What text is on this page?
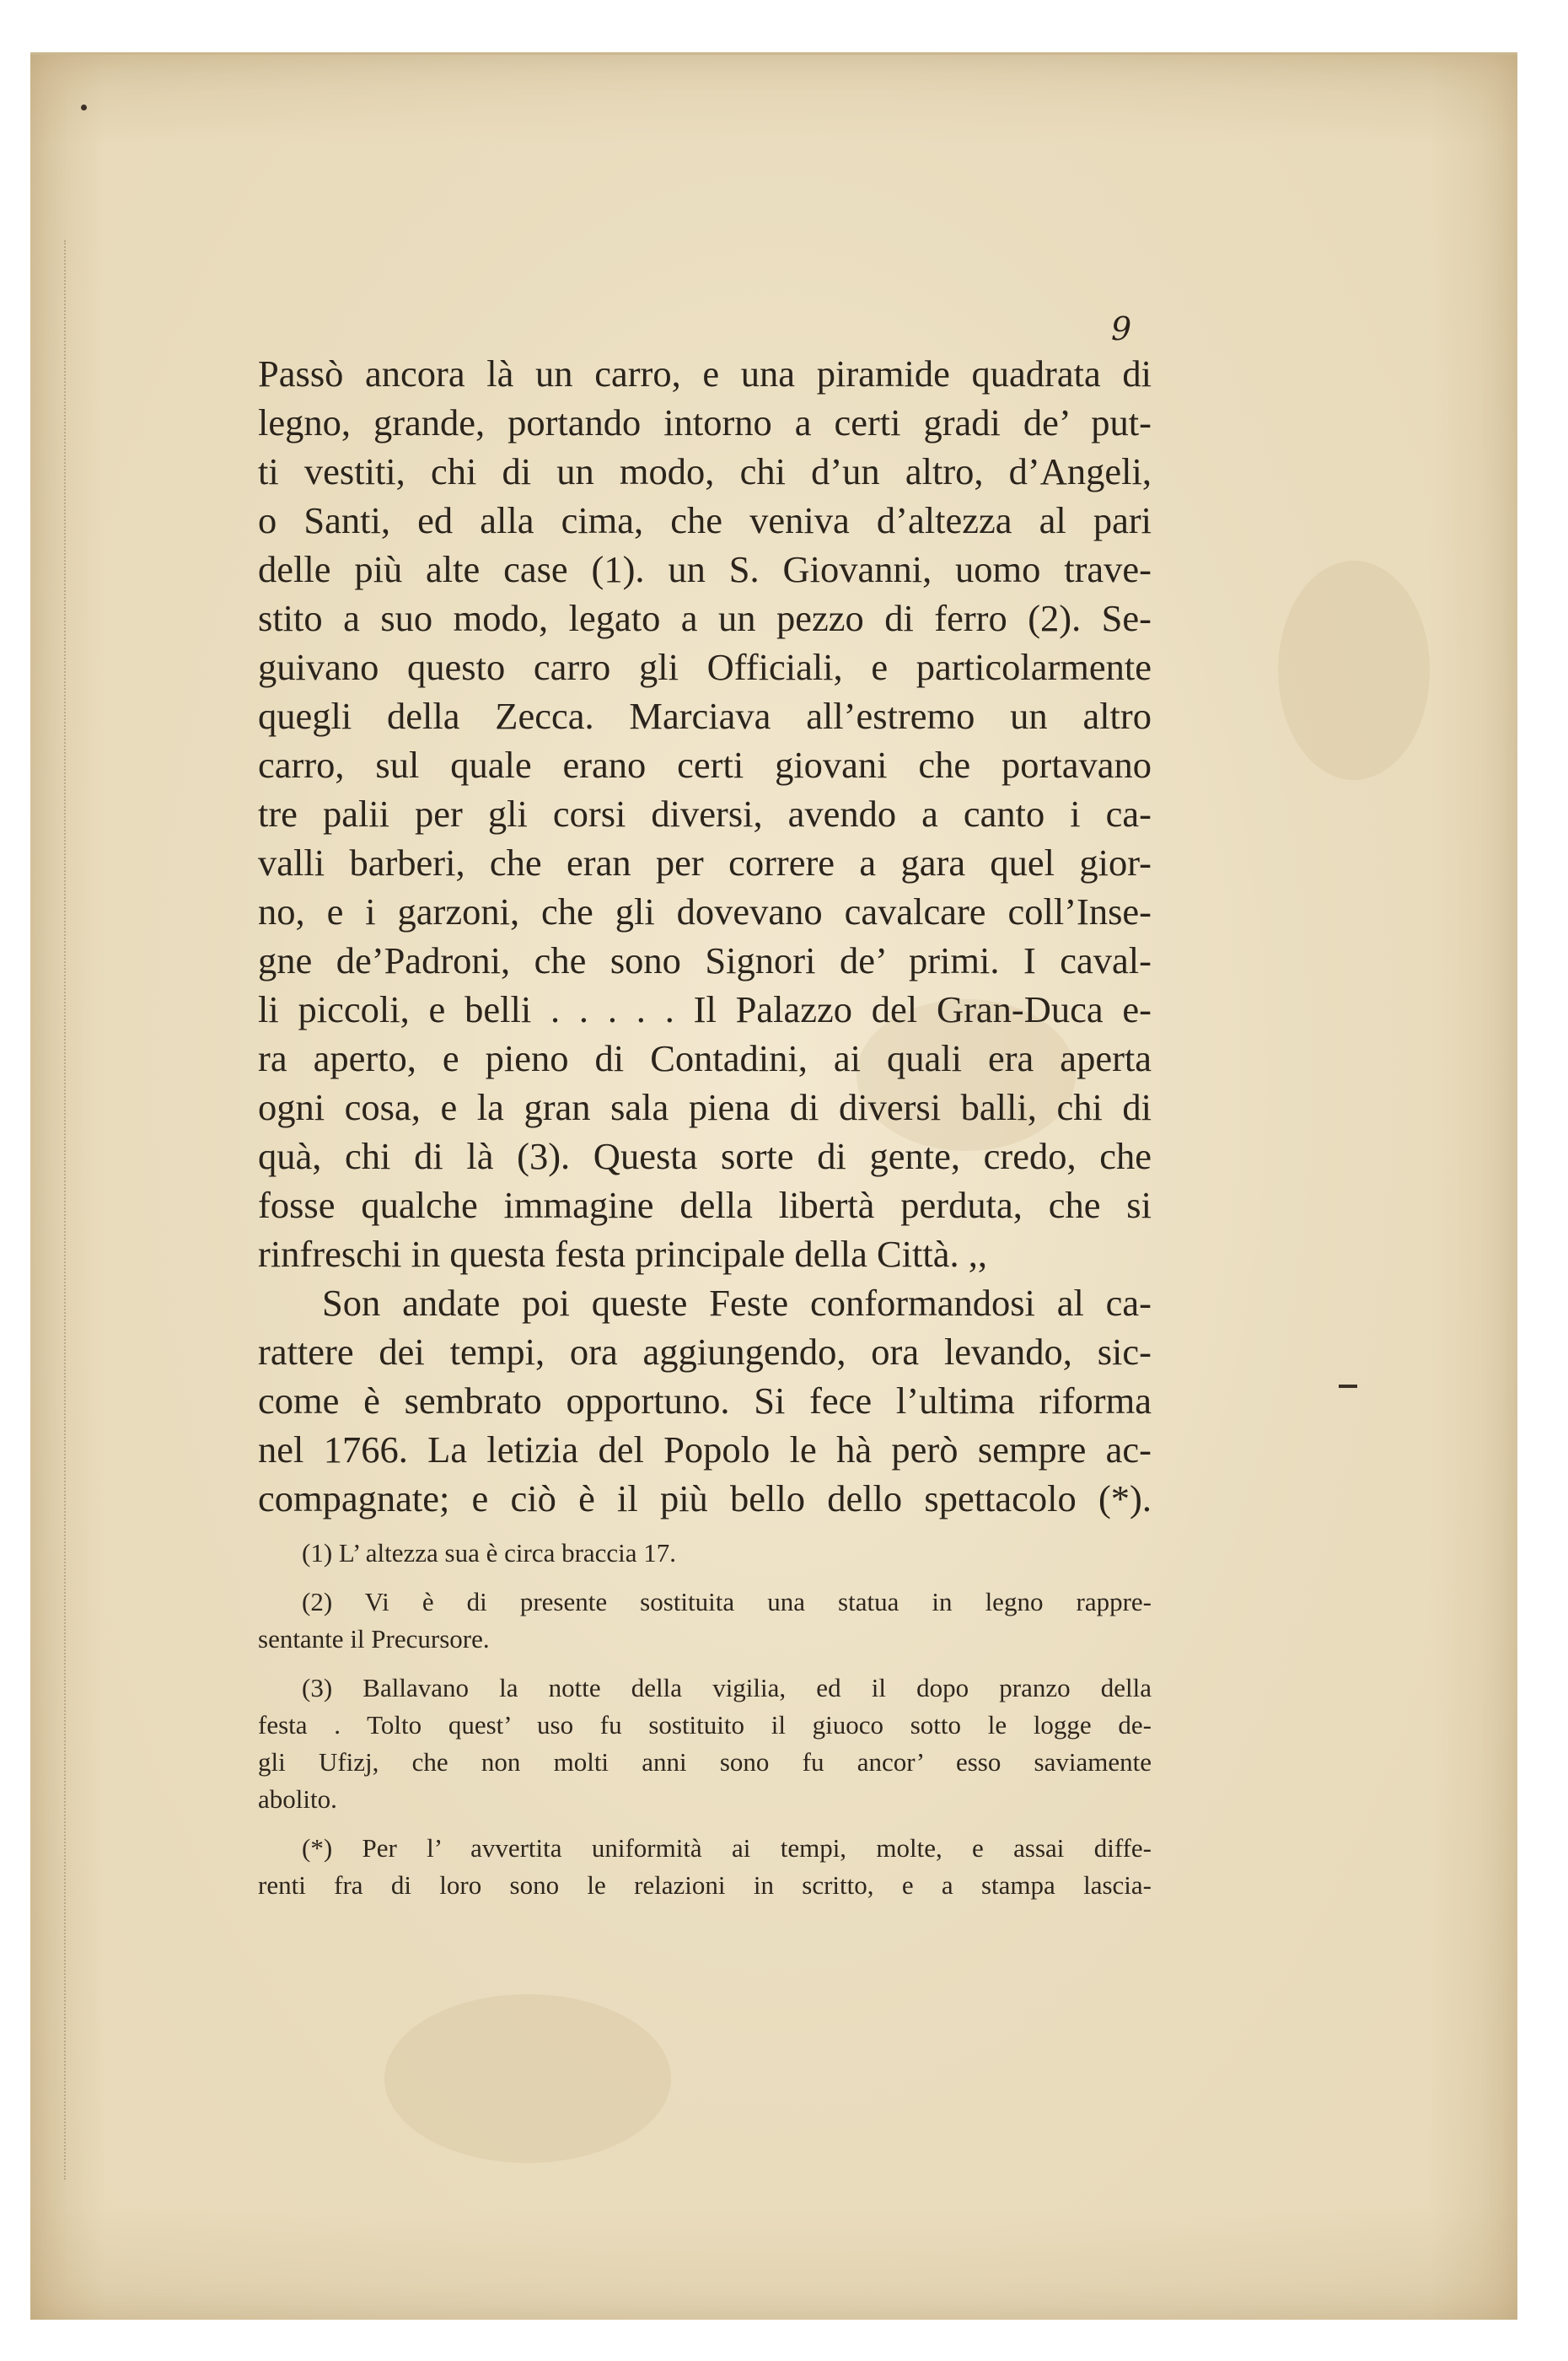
9
Passò ancora là un carro, e una piramide quadrata di
legno, grande, portando intorno a certi gradi de’ put-
ti vestiti, chi di un modo, chi d’un altro, d’Angeli,
o Santi, ed alla cima, che veniva d’altezza al pari
delle più alte case (1). un S. Giovanni, uomo trave-
stito a suo modo, legato a un pezzo di ferro (2). Se-
guivano questo carro gli Officiali, e particolarmente
quegli della Zecca. Marciava all’estremo un altro
carro, sul quale erano certi giovani che portavano
tre palii per gli corsi diversi, avendo a canto i ca-
valli barberi, che eran per correre a gara quel gior-
no, e i garzoni, che gli dovevano cavalcare coll’Inse-
gne de’Padroni, che sono Signori de’ primi. I caval-
li piccoli, e belli . . . . . Il Palazzo del Gran-Duca e-
ra aperto, e pieno di Contadini, ai quali era aperta
ogni cosa, e la gran sala piena di diversi balli, chi di
quà, chi di là (3). Questa sorte di gente, credo, che
fosse qualche immagine della libertà perduta, che si
rinfreschi in questa festa principale della Città. ,,
Son andate poi queste Feste conformandosi al ca-
rattere dei tempi, ora aggiungendo, ora levando, sic-
come è sembrato opportuno. Si fece l’ultima riforma
nel 1766. La letizia del Popolo le hà però sempre ac-
compagnate; e ciò è il più bello dello spettacolo (*).
(1) L’ altezza sua è circa braccia 17.
(2) Vi è di presente sostituita una statua in legno rappre-
sentante il Precursore.
(3) Ballavano la notte della vigilia, ed il dopo pranzo della
festa . Tolto quest’ uso fu sostituito il giuoco sotto le logge de-
gli Ufizj, che non molti anni sono fu ancor’ esso saviamente
abolito.
(*) Per l’ avvertita uniformità ai tempi, molte, e assai diffe-
renti fra di loro sono le relazioni in scritto, e a stampa lascia-
